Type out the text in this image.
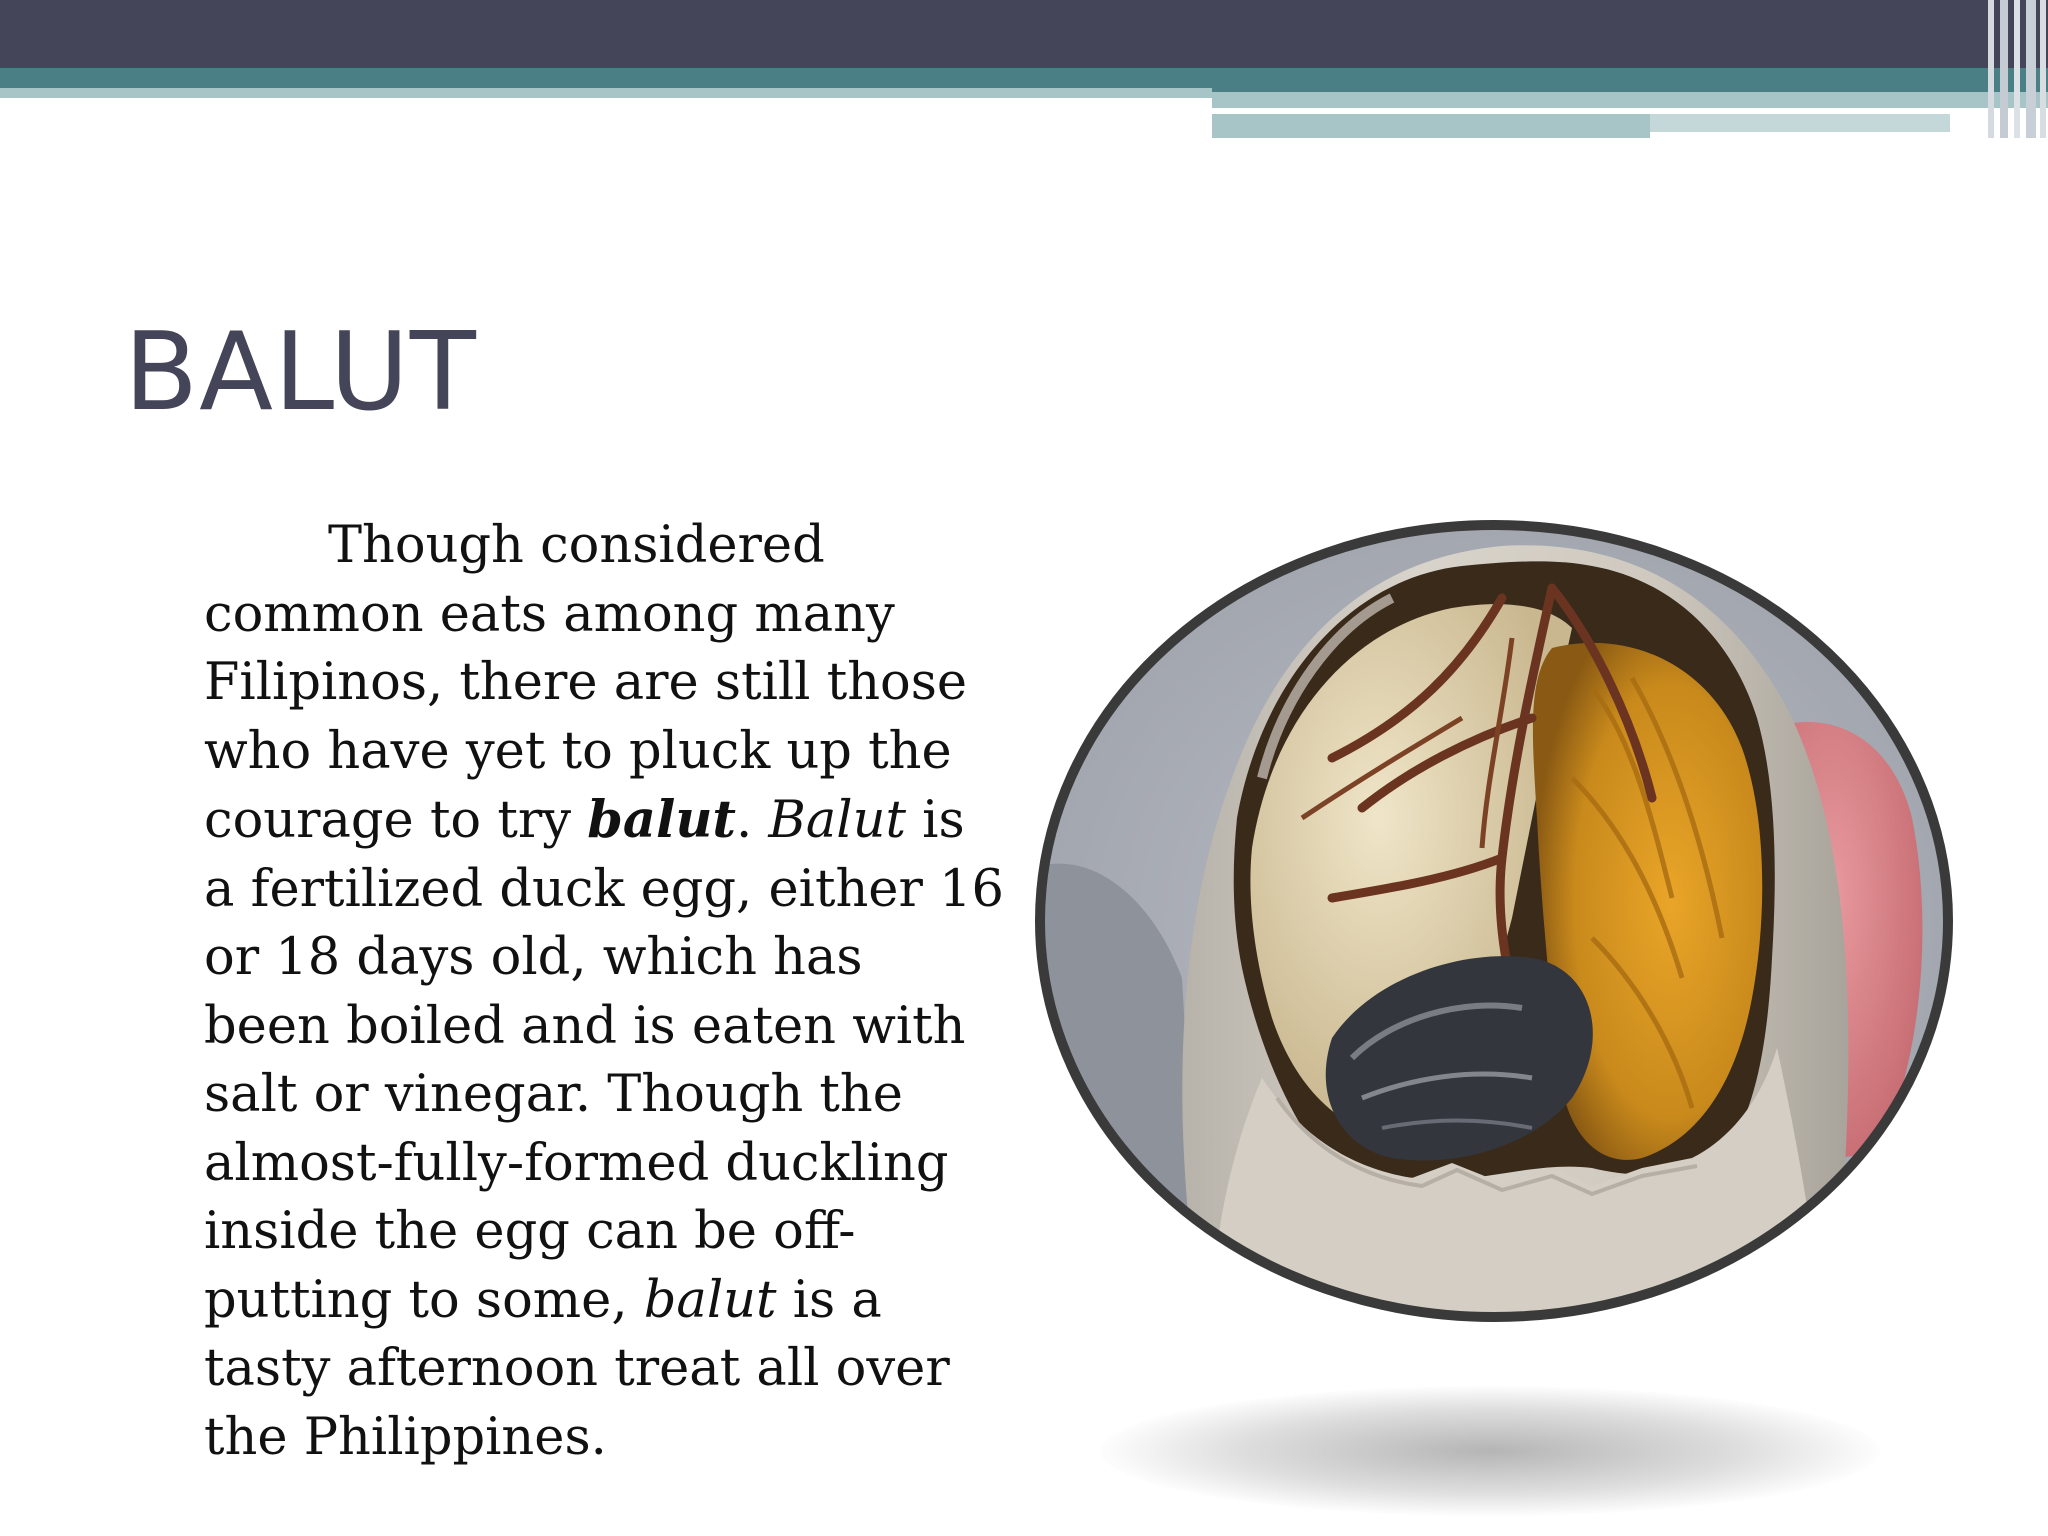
BALUT

Though considered common eats among many Filipinos, there are still those who have yet to pluck up the courage to try balut. Balut is a fertilized duck egg, either 16 or 18 days old, which has been boiled and is eaten with salt or vinegar. Though the almost-fully-formed duckling inside the egg can be off-putting to some, balut is a tasty afternoon treat all over the Philippines.
